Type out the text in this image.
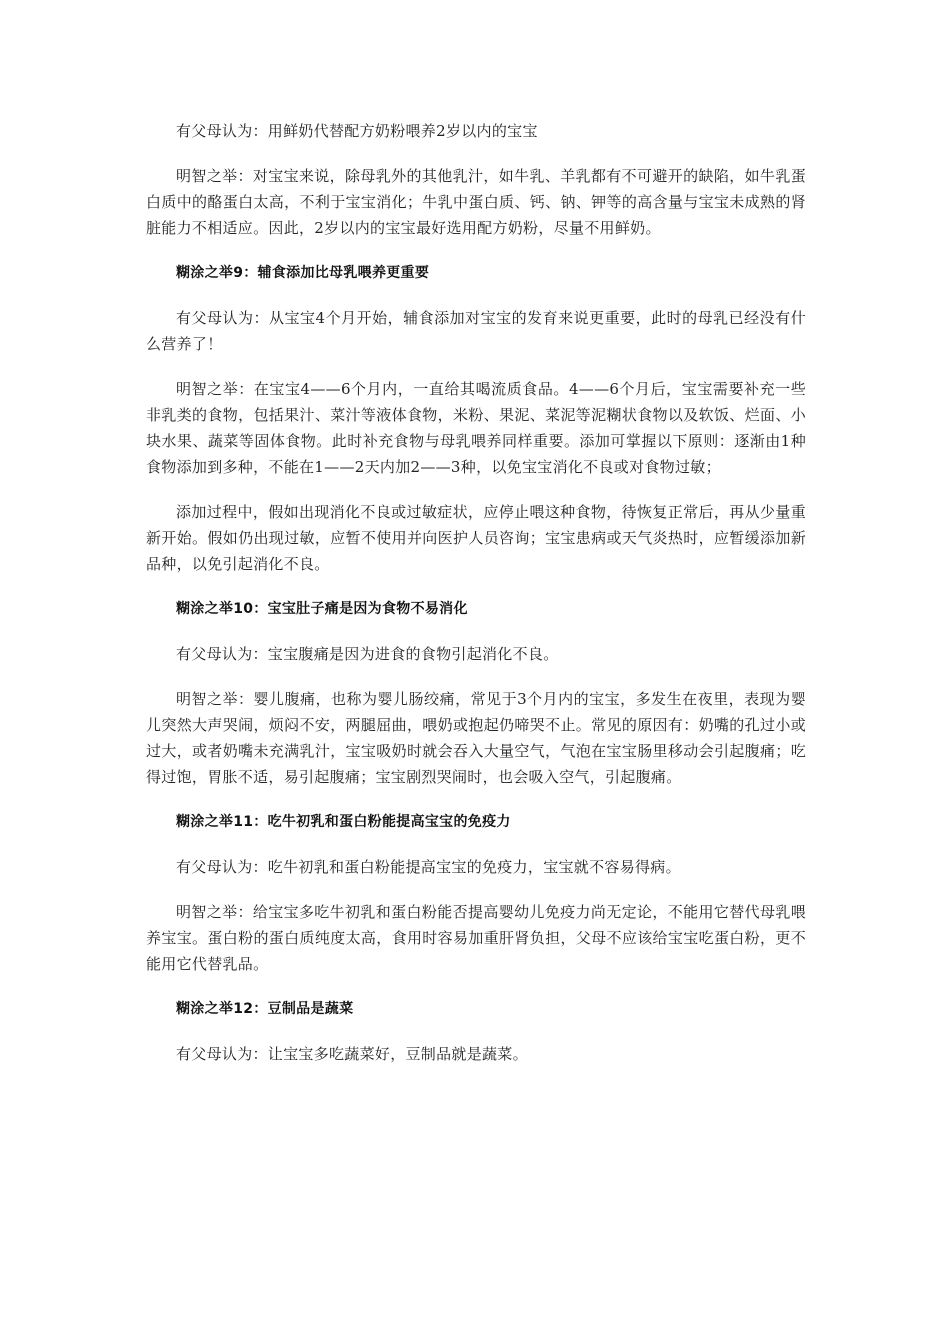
有父母认为：用鲜奶代替配方奶粉喂养2岁以内的宝宝

明智之举：对宝宝来说，除母乳外的其他乳汁，如牛乳、羊乳都有不可避开的缺陷，如牛乳蛋白质中的酪蛋白太高，不利于宝宝消化；牛乳中蛋白质、钙、钠、钾等的高含量与宝宝未成熟的肾脏能力不相适应。因此，2岁以内的宝宝最好选用配方奶粉，尽量不用鲜奶。

糊涂之举9：辅食添加比母乳喂养更重要

有父母认为：从宝宝4个月开始，辅食添加对宝宝的发育来说更重要，此时的母乳已经没有什么营养了！

明智之举：在宝宝4——6个月内，一直给其喝流质食品。4——6个月后，宝宝需要补充一些非乳类的食物，包括果汁、菜汁等液体食物，米粉、果泥、菜泥等泥糊状食物以及软饭、烂面、小块水果、蔬菜等固体食物。此时补充食物与母乳喂养同样重要。添加可掌握以下原则：逐渐由1种食物添加到多种，不能在1——2天内加2——3种，以免宝宝消化不良或对食物过敏；

添加过程中，假如出现消化不良或过敏症状，应停止喂这种食物，待恢复正常后，再从少量重新开始。假如仍出现过敏，应暂不使用并向医护人员咨询；宝宝患病或天气炎热时，应暂缓添加新品种，以免引起消化不良。

糊涂之举10：宝宝肚子痛是因为食物不易消化

有父母认为：宝宝腹痛是因为进食的食物引起消化不良。

明智之举：婴儿腹痛，也称为婴儿肠绞痛，常见于3个月内的宝宝，多发生在夜里，表现为婴儿突然大声哭闹，烦闷不安，两腿屈曲，喂奶或抱起仍啼哭不止。常见的原因有：奶嘴的孔过小或过大，或者奶嘴未充满乳汁，宝宝吸奶时就会吞入大量空气，气泡在宝宝肠里移动会引起腹痛；吃得过饱，胃胀不适，易引起腹痛；宝宝剧烈哭闹时，也会吸入空气，引起腹痛。

糊涂之举11：吃牛初乳和蛋白粉能提高宝宝的免疫力

有父母认为：吃牛初乳和蛋白粉能提高宝宝的免疫力，宝宝就不容易得病。

明智之举：给宝宝多吃牛初乳和蛋白粉能否提高婴幼儿免疫力尚无定论，不能用它替代母乳喂养宝宝。蛋白粉的蛋白质纯度太高，食用时容易加重肝肾负担，父母不应该给宝宝吃蛋白粉，更不能用它代替乳品。

糊涂之举12：豆制品是蔬菜

有父母认为：让宝宝多吃蔬菜好，豆制品就是蔬菜。
